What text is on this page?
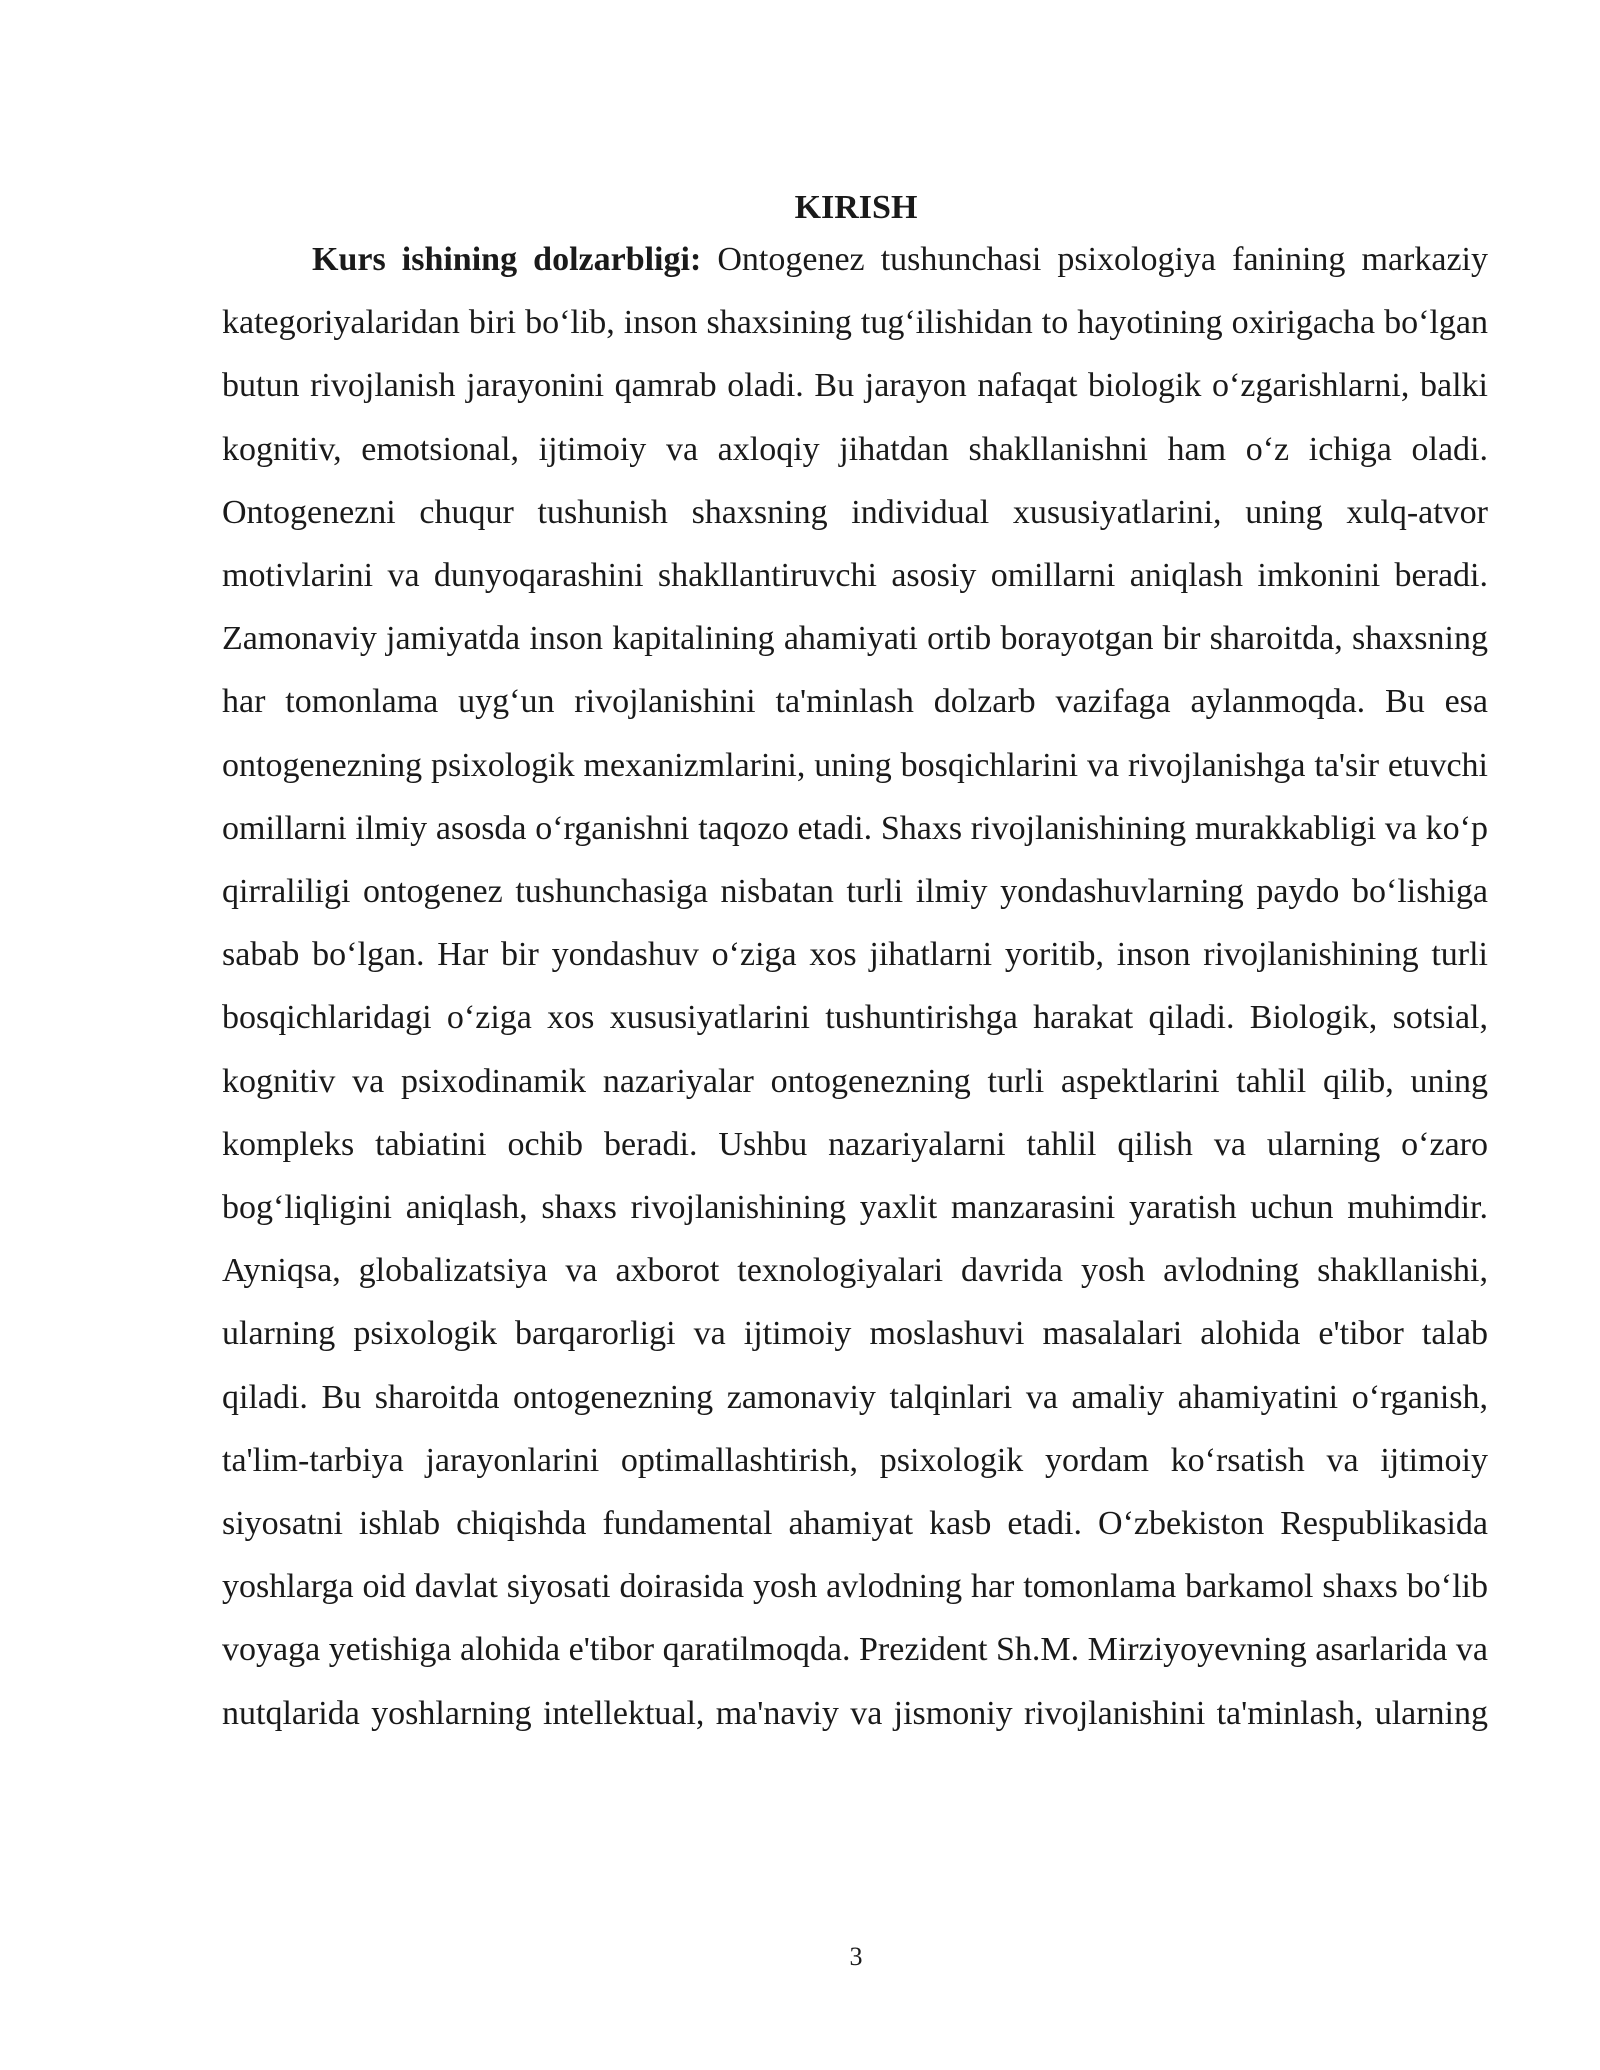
KIRISH

Kurs ishining dolzarbligi: Ontogenez tushunchasi psixologiya fanining markaziy kategoriyalaridan biri bo‘lib, inson shaxsining tug‘ilishidan to hayotining oxirigacha bo‘lgan butun rivojlanish jarayonini qamrab oladi. Bu jarayon nafaqat biologik o‘zgarishlarni, balki kognitiv, emotsional, ijtimoiy va axloqiy jihatdan shakllanishni ham o‘z ichiga oladi. Ontogenezni chuqur tushunish shaxsning individual xususiyatlarini, uning xulq-atvor motivlarini va dunyoqarashini shakllantiruvchi asosiy omillarni aniqlash imkonini beradi. Zamonaviy jamiyatda inson kapitalining ahamiyati ortib borayotgan bir sharoitda, shaxsning har tomonlama uyg‘un rivojlanishini ta'minlash dolzarb vazifaga aylanmoqda. Bu esa ontogenezning psixologik mexanizmlarini, uning bosqichlarini va rivojlanishga ta'sir etuvchi omillarni ilmiy asosda o‘rganishni taqozo etadi. Shaxs rivojlanishining murakkabligi va ko‘p qirraliligi ontogenez tushunchasiga nisbatan turli ilmiy yondashuvlarning paydo bo‘lishiga sabab bo‘lgan. Har bir yondashuv o‘ziga xos jihatlarni yoritib, inson rivojlanishining turli bosqichlaridagi o‘ziga xos xususiyatlarini tushuntirishga harakat qiladi. Biologik, sotsial, kognitiv va psixodinamik nazariyalar ontogenezning turli aspektlarini tahlil qilib, uning kompleks tabiatini ochib beradi. Ushbu nazariyalarni tahlil qilish va ularning o‘zaro bog‘liqligini aniqlash, shaxs rivojlanishining yaxlit manzarasini yaratish uchun muhimdir. Ayniqsa, globalizatsiya va axborot texnologiyalari davrida yosh avlodning shakllanishi, ularning psixologik barqarorligi va ijtimoiy moslashuvi masalalari alohida e'tibor talab qiladi. Bu sharoitda ontogenezning zamonaviy talqinlari va amaliy ahamiyatini o‘rganish, ta'lim-tarbiya jarayonlarini optimallashtirish, psixologik yordam ko‘rsatish va ijtimoiy siyosatni ishlab chiqishda fundamental ahamiyat kasb etadi. O‘zbekiston Respublikasida yoshlarga oid davlat siyosati doirasida yosh avlodning har tomonlama barkamol shaxs bo‘lib voyaga yetishiga alohida e'tibor qaratilmoqda. Prezident Sh.M. Mirziyoyevning asarlarida va nutqlarida yoshlarning intellektual, ma'naviy va jismoniy rivojlanishini ta'minlash, ularning

3
